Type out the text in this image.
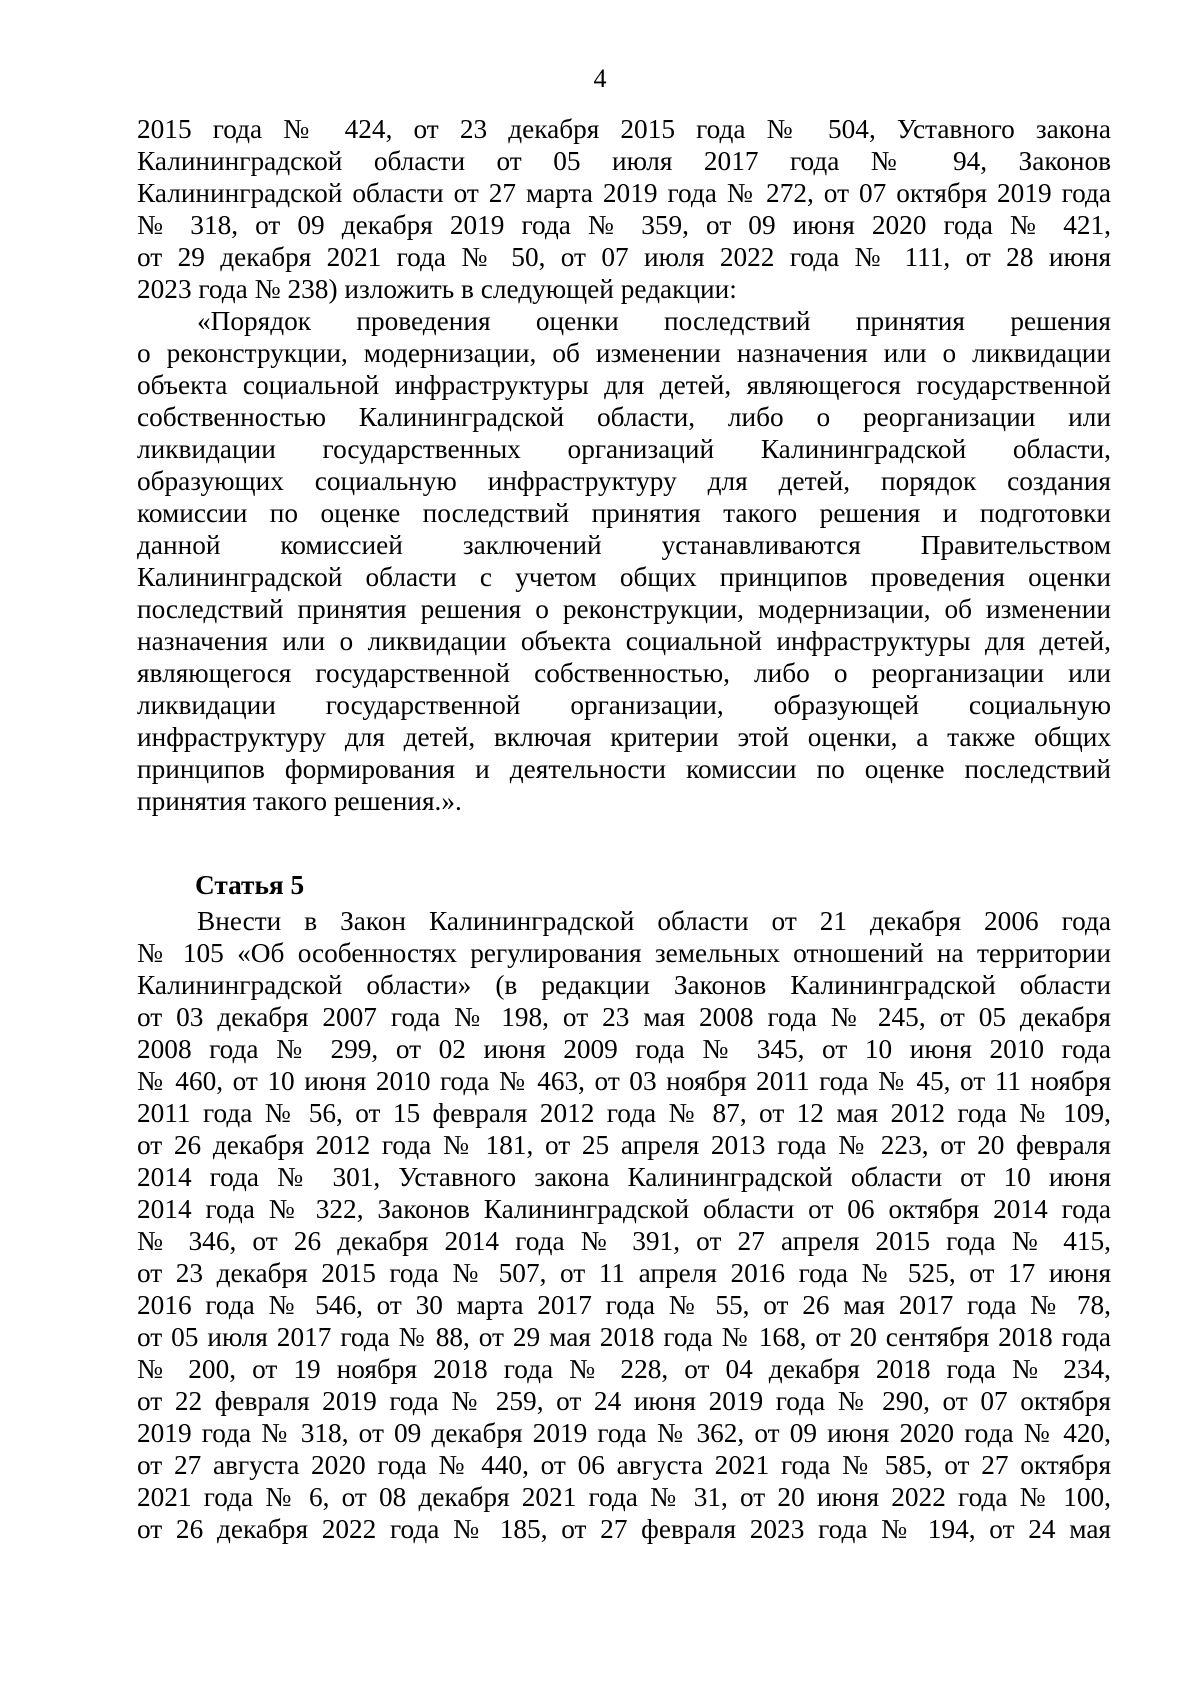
4
2015 года № 424, от 23 декабря 2015 года № 504, Уставного закона
Калининградской области от 05 июля 2017 года № 94, Законов
Калининградской области от 27 марта 2019 года № 272, от 07 октября 2019 года
№ 318, от 09 декабря 2019 года № 359, от 09 июня 2020 года № 421,
от 29 декабря 2021 года № 50, от 07 июля 2022 года № 111, от 28 июня
2023 года № 238) изложить в следующей редакции:
«Порядок проведения оценки последствий принятия решения
о реконструкции, модернизации, об изменении назначения или о ликвидации
объекта социальной инфраструктуры для детей, являющегося государственной
собственностью Калининградской области, либо о реорганизации или
ликвидации государственных организаций Калининградской области,
образующих социальную инфраструктуру для детей, порядок создания
комиссии по оценке последствий принятия такого решения и подготовки
данной комиссией заключений устанавливаются Правительством
Калининградской области с учетом общих принципов проведения оценки
последствий принятия решения о реконструкции, модернизации, об изменении
назначения или о ликвидации объекта социальной инфраструктуры для детей,
являющегося государственной собственностью, либо о реорганизации или
ликвидации государственной организации, образующей социальную
инфраструктуру для детей, включая критерии этой оценки, а также общих
принципов формирования и деятельности комиссии по оценке последствий
принятия такого решения.».
Статья 5
Внести в Закон Калининградской области от 21 декабря 2006 года
№ 105 «Об особенностях регулирования земельных отношений на территории
Калининградской области» (в редакции Законов Калининградской области
от 03 декабря 2007 года № 198, от 23 мая 2008 года № 245, от 05 декабря
2008 года № 299, от 02 июня 2009 года № 345, от 10 июня 2010 года
№ 460, от 10 июня 2010 года № 463, от 03 ноября 2011 года № 45, от 11 ноября
2011 года № 56, от 15 февраля 2012 года № 87, от 12 мая 2012 года № 109,
от 26 декабря 2012 года № 181, от 25 апреля 2013 года № 223, от 20 февраля
2014 года № 301, Уставного закона Калининградской области от 10 июня
2014 года № 322, Законов Калининградской области от 06 октября 2014 года
№ 346, от 26 декабря 2014 года № 391, от 27 апреля 2015 года № 415,
от 23 декабря 2015 года № 507, от 11 апреля 2016 года № 525, от 17 июня
2016 года № 546, от 30 марта 2017 года № 55, от 26 мая 2017 года № 78,
от 05 июля 2017 года № 88, от 29 мая 2018 года № 168, от 20 сентября 2018 года
№ 200, от 19 ноября 2018 года № 228, от 04 декабря 2018 года № 234,
от 22 февраля 2019 года № 259, от 24 июня 2019 года № 290, от 07 октября
2019 года № 318, от 09 декабря 2019 года № 362, от 09 июня 2020 года № 420,
от 27 августа 2020 года № 440, от 06 августа 2021 года № 585, от 27 октября
2021 года № 6, от 08 декабря 2021 года № 31, от 20 июня 2022 года № 100,
от 26 декабря 2022 года № 185, от 27 февраля 2023 года № 194, от 24 мая
